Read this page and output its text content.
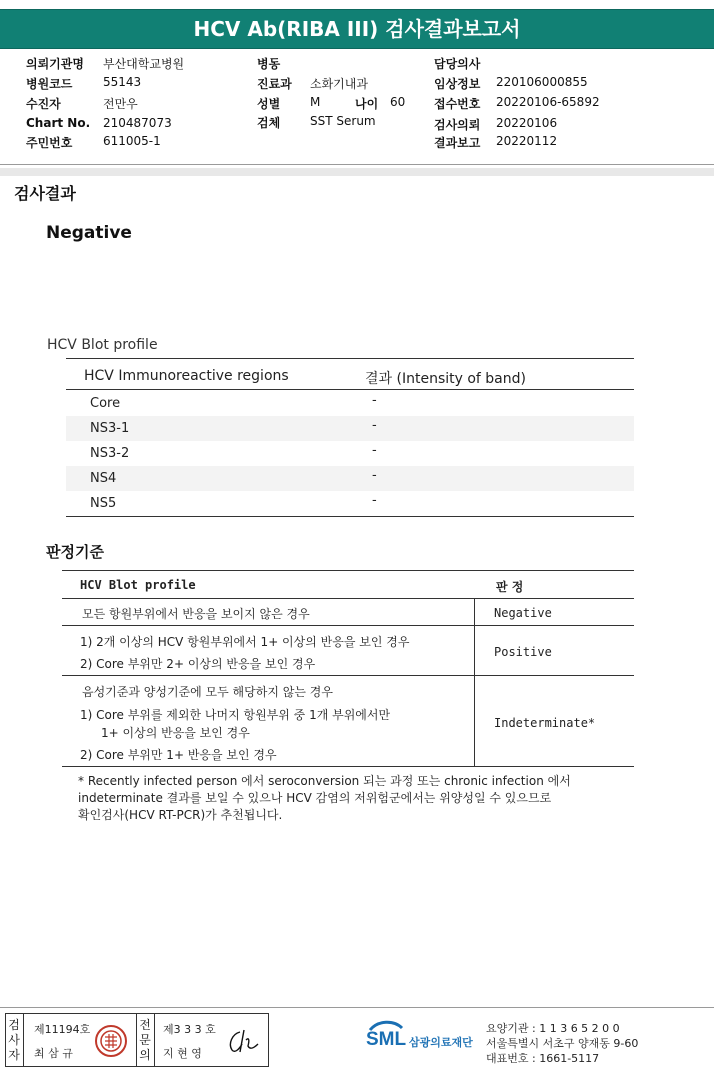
HCV Ab(RIBA III) 검사결과보고서
의뢰기관명 부산대학교병원
병원코드	55143
수진자	전만우
Chart No. 210487073
주민번호	611005-1
병동
진료과 소화기내과
성별 M	나이 60
검체 SST Serum
담당의사
임상정보 220106000855
접수번호 20220106-65892
검사의뢰 20220106
결과보고 20220112
검사결과
Negative
HCV Blot profile
HCV Immunoreactive regions	결과 (Intensity of band)
Core	-
NS3-1	-
NS3-2	-
NS4	-
NS5	-
판정기준
HCV Blot profile	판 정
모든 항원부위에서 반응을 보이지 않은 경우	Negative
1) 2개 이상의 HCV 항원부위에서 1+ 이상의 반응을 보인 경우
2) Core 부위만 2+ 이상의 반응을 보인 경우
Positive
음성기준과 양성기준에 모두 해당하지 않는 경우
1) Core 부위를 제외한 나머지 항원부위 중 1개 부위에서만
1+ 이상의 반응을 보인 경우
2) Core 부위만 1+ 반응을 보인 경우
Indeterminate*
* Recently infected person 에서 seroconversion 되는 과정 또는 chronic infection 에서
indeterminate 결과를 보일 수 있으나 HCV 감염의 저위험군에서는 위양성일 수 있으므로
확인검사(HCV RT-PCR)가 추천됩니다.
검
사
자
제11194호
최 삼 규
전
문
의
제3 3 3 호
지 현 영
SML 삼광의료재단
요양기관 : 1 1 3 6 5 2 0 0
서울특별시 서초구 양재동 9-60
대표번호 : 1661-5117
